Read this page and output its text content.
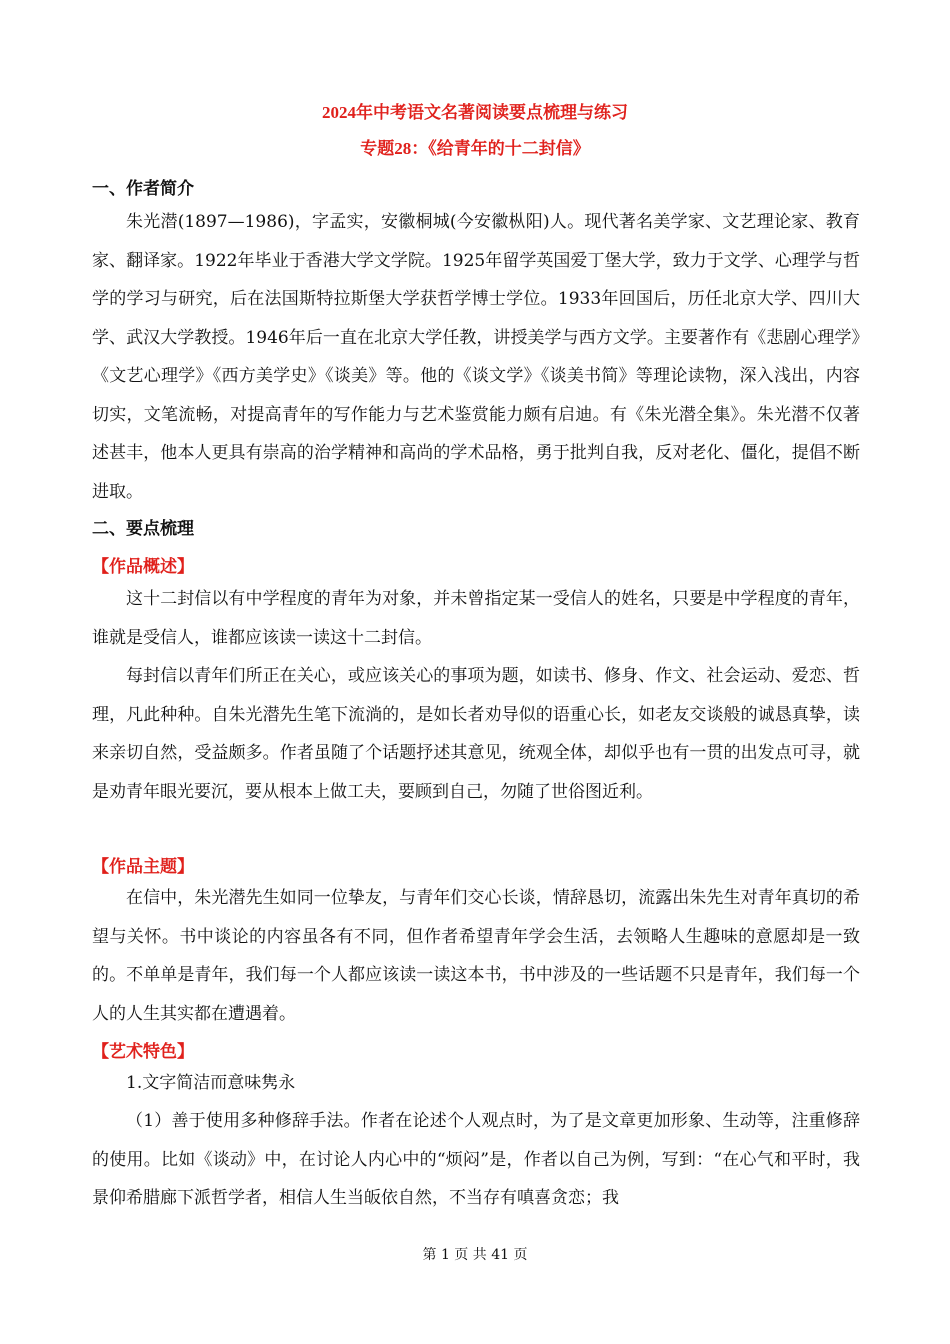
2024年中考语文名著阅读要点梳理与练习
专题28：《给青年的十二封信》
一、作者简介

朱光潜(1897—1986)，字孟实，安徽桐城(今安徽枞阳)人。现代著名美学家、文艺理论家、教育家、翻译家。1922年毕业于香港大学文学院。1925年留学英国爱丁堡大学，致力于文学、心理学与哲学的学习与研究，后在法国斯特拉斯堡大学获哲学博士学位。1933年回国后，历任北京大学、四川大学、武汉大学教授。1946年后一直在北京大学任教，讲授美学与西方文学。主要著作有《悲剧心理学》《文艺心理学》《西方美学史》《谈美》等。他的《谈文学》《谈美书简》等理论读物，深入浅出，内容切实，文笔流畅，对提高青年的写作能力与艺术鉴赏能力颇有启迪。有《朱光潜全集》。朱光潜不仅著述甚丰，他本人更具有崇高的治学精神和高尚的学术品格，勇于批判自我，反对老化、僵化，提倡不断进取。

二、要点梳理
【作品概述】

这十二封信以有中学程度的青年为对象，并未曾指定某一受信人的姓名，只要是中学程度的青年，谁就是受信人，谁都应该读一读这十二封信。

每封信以青年们所正在关心，或应该关心的事项为题，如读书、修身、作文、社会运动、爱恋、哲理，凡此种种。自朱光潜先生笔下流淌的，是如长者劝导似的语重心长，如老友交谈般的诚恳真挚，读来亲切自然，受益颇多。作者虽随了个话题抒述其意见，统观全体，却似乎也有一贯的出发点可寻，就是劝青年眼光要沉，要从根本上做工夫，要顾到自己，勿随了世俗图近利。

【作品主题】

在信中，朱光潜先生如同一位挚友，与青年们交心长谈，情辞恳切，流露出朱先生对青年真切的希望与关怀。书中谈论的内容虽各有不同，但作者希望青年学会生活，去领略人生趣味的意愿却是一致的。不单单是青年，我们每一个人都应该读一读这本书，书中涉及的一些话题不只是青年，我们每一个人的人生其实都在遭遇着。

【艺术特色】

1.文字简洁而意味隽永

（1）善于使用多种修辞手法。作者在论述个人观点时，为了是文章更加形象、生动等，注重修辞的使用。比如《谈动》中，在讨论人内心中的“烦闷”是，作者以自己为例，写到：“在心气和平时，我景仰希腊廊下派哲学者，相信人生当皈依自然，不当存有嗔喜贪恋；我

第 1 页 共 41 页
